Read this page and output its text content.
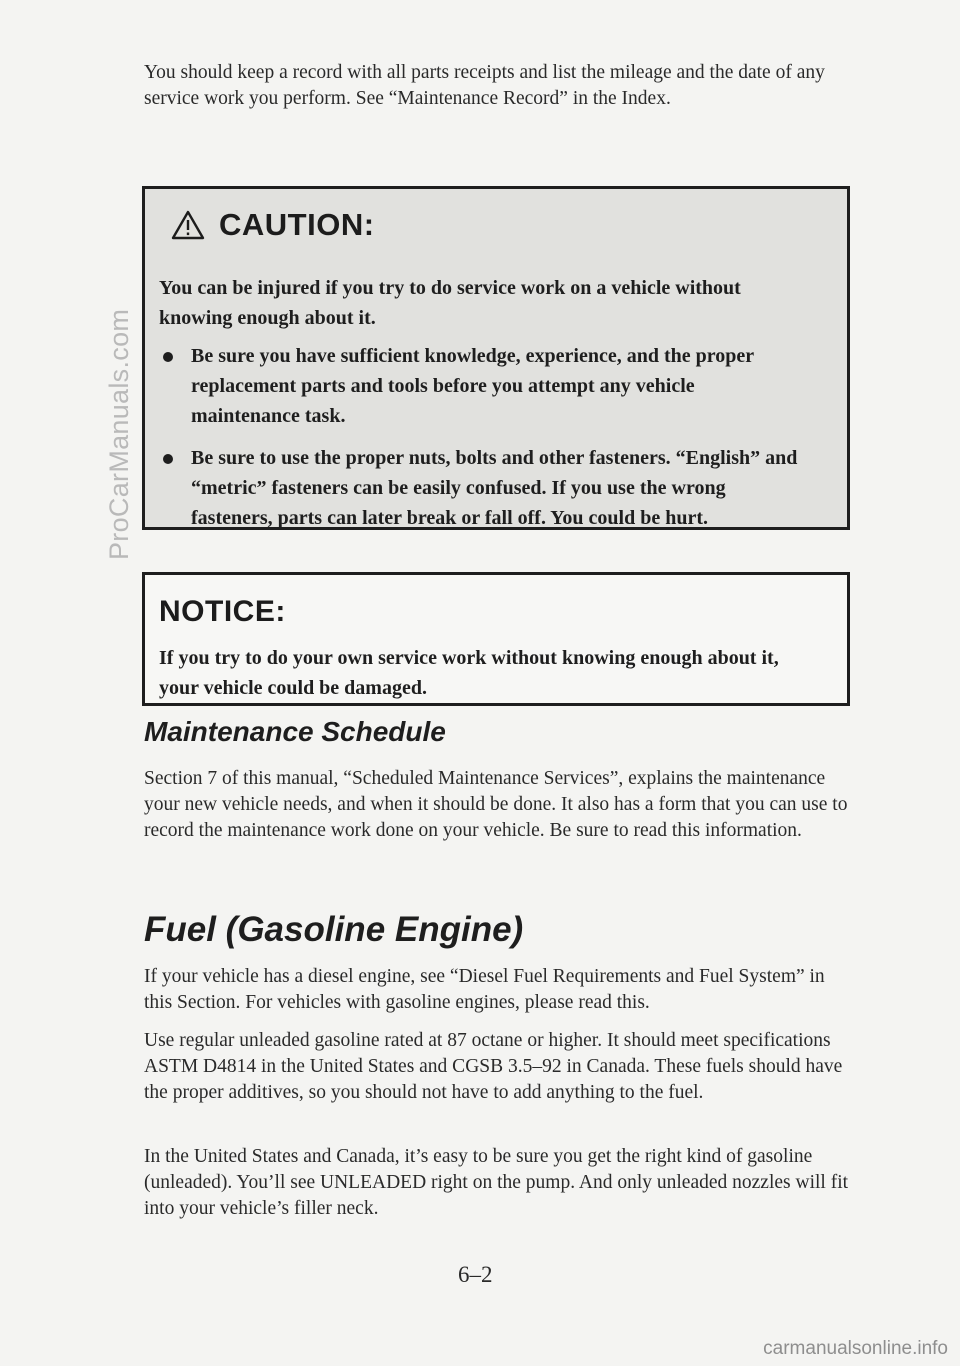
ProCarManuals.com
carmanualsonline.info

You should keep a record with all parts receipts and list the mileage and the date of any service work you perform. See “Maintenance Record” in the Index.

CAUTION:

You can be injured if you try to do service work on a vehicle without knowing enough about it.

Be sure you have sufficient knowledge, experience, and the proper replacement parts and tools before you attempt any vehicle maintenance task.
Be sure to use the proper nuts, bolts and other fasteners. “English” and “metric” fasteners can be easily confused. If you use the wrong fasteners, parts can later break or fall off. You could be hurt.
NOTICE:

If you try to do your own service work without knowing enough about it, your vehicle could be damaged.

Maintenance Schedule

Section 7 of this manual, “Scheduled Maintenance Services”, explains the maintenance your new vehicle needs, and when it should be done. It also has a form that you can use to record the maintenance work done on your vehicle. Be sure to read this information.

Fuel (Gasoline Engine)

If your vehicle has a diesel engine, see “Diesel Fuel Requirements and Fuel System” in this Section. For vehicles with gasoline engines, please read this.

Use regular unleaded gasoline rated at 87 octane or higher. It should meet specifications ASTM D4814 in the United States and CGSB 3.5–92 in Canada. These fuels should have the proper additives, so you should not have to add anything to the fuel.

In the United States and Canada, it’s easy to be sure you get the right kind of gasoline (unleaded). You’ll see UNLEADED right on the pump. And only unleaded nozzles will fit into your vehicle’s filler neck.

6–2
